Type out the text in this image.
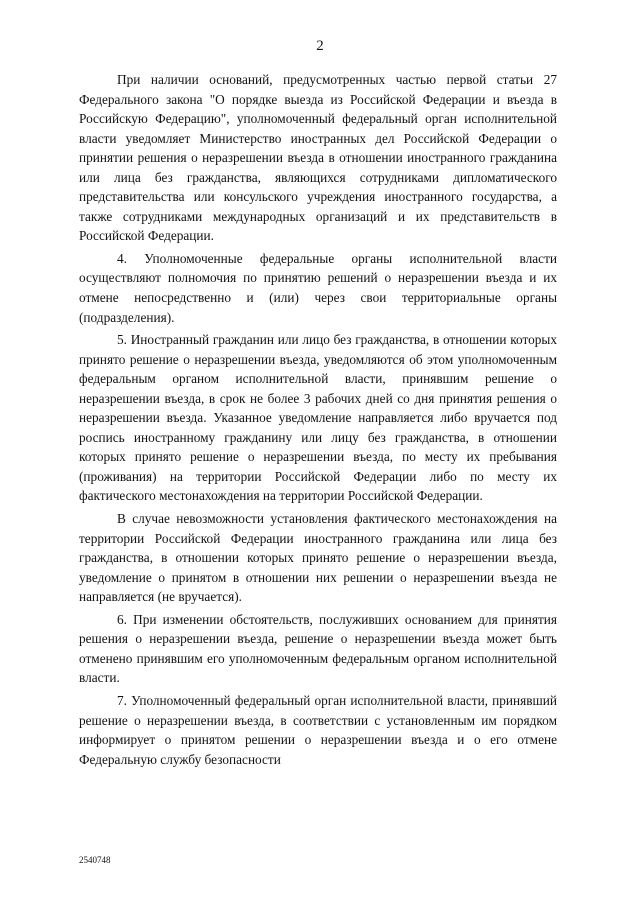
2

При наличии оснований, предусмотренных частью первой статьи 27 Федерального закона "О порядке выезда из Российской Федерации и въезда в Российскую Федерацию", уполномоченный федеральный орган исполнительной власти уведомляет Министерство иностранных дел Российской Федерации о принятии решения о неразрешении въезда в отношении иностранного гражданина или лица без гражданства, являющихся сотрудниками дипломатического представительства или консульского учреждения иностранного государства, а также сотрудниками международных организаций и их представительств в Российской Федерации.

4. Уполномоченные федеральные органы исполнительной власти осуществляют полномочия по принятию решений о неразрешении въезда и их отмене непосредственно и (или) через свои территориальные органы (подразделения).

5. Иностранный гражданин или лицо без гражданства, в отношении которых принято решение о неразрешении въезда, уведомляются об этом уполномоченным федеральным органом исполнительной власти, принявшим решение о неразрешении въезда, в срок не более 3 рабочих дней со дня принятия решения о неразрешении въезда. Указанное уведомление направляется либо вручается под роспись иностранному гражданину или лицу без гражданства, в отношении которых принято решение о неразрешении въезда, по месту их пребывания (проживания) на территории Российской Федерации либо по месту их фактического местонахождения на территории Российской Федерации.

В случае невозможности установления фактического местонахождения на территории Российской Федерации иностранного гражданина или лица без гражданства, в отношении которых принято решение о неразрешении въезда, уведомление о принятом в отношении них решении о неразрешении въезда не направляется (не вручается).

6. При изменении обстоятельств, послуживших основанием для принятия решения о неразрешении въезда, решение о неразрешении въезда может быть отменено принявшим его уполномоченным федеральным органом исполнительной власти.

7. Уполномоченный федеральный орган исполнительной власти, принявший решение о неразрешении въезда, в соответствии с установленным им порядком информирует о принятом решении о неразрешении въезда и о его отмене Федеральную службу безопасности

2540748
